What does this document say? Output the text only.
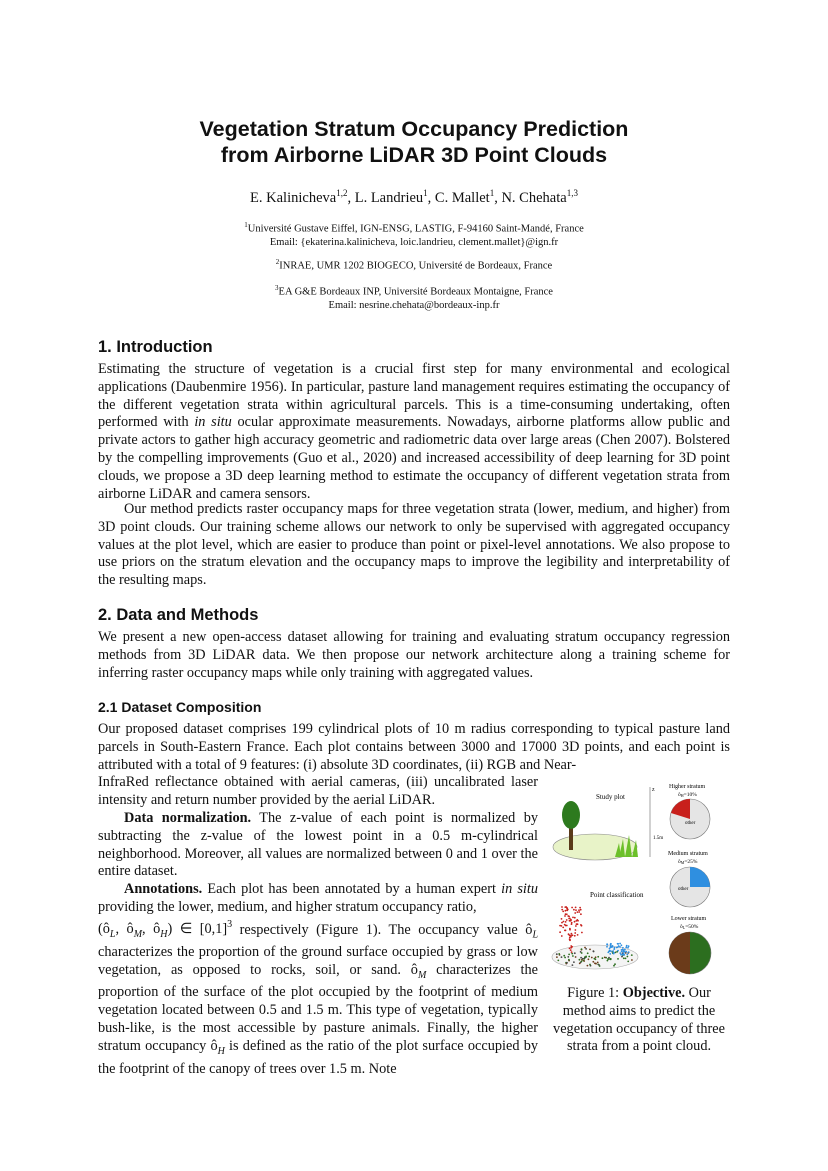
Vegetation Stratum Occupancy Prediction
from Airborne LiDAR 3D Point Clouds
E. Kalinicheva$^{1,2}$, L. Landrieu$^1$, C. Mallet$^1$, N. Chehata$^{1,3}$
$^1$Université Gustave Eiffel, IGN-ENSG, LASTIG, F-94160 Saint-Mandé, France
Email: {ekaterina.kalinicheva, loic.landrieu, clement.mallet}@ign.fr
$^2$INRAE, UMR 1202 BIOGECO, Université de Bordeaux, France
$^3$EA G&E Bordeaux INP, Université Bordeaux Montaigne, France
Email: nesrine.chehata@bordeaux-inp.fr
1. Introduction

Estimating the structure of vegetation is a crucial first step for many environmental and ecological applications (Daubenmire 1956). In particular, pasture land management requires estimating the occupancy of the different vegetation strata within agricultural parcels. This is a time-consuming undertaking, often performed with in situ ocular approximate measurements. Nowadays, airborne platforms allow public and private actors to gather high accuracy geometric and radiometric data over large areas (Chen 2007). Bolstered by the compelling improvements (Guo et al., 2020) and increased accessibility of deep learning for 3D point clouds, we propose a 3D deep learning method to estimate the occupancy of different vegetation strata from airborne LiDAR and camera sensors.

Our method predicts raster occupancy maps for three vegetation strata (lower, medium, and higher) from 3D point clouds. Our training scheme allows our network to only be supervised with aggregated occupancy values at the plot level, which are easier to produce than point or pixel-level annotations. We also propose to use priors on the stratum elevation and the occupancy maps to improve the legibility and interpretability of the resulting maps.

2. Data and Methods

We present a new open-access dataset allowing for training and evaluating stratum occupancy regression methods from 3D LiDAR data. We then propose our network architecture along a training scheme for inferring raster occupancy maps while only training with aggregated values.

2.1 Dataset Composition

Our proposed dataset comprises 199 cylindrical plots of 10 m radius corresponding to typical pasture land parcels in South-Eastern France. Each plot contains between 3000 and 17000 3D points, and each point is attributed with a total of 9 features: (i) absolute 3D coordinates, (ii) RGB and Near-

InfraRed reflectance obtained with aerial cameras, (iii) uncalibrated laser intensity and return number provided by the aerial LiDAR.

Data normalization. The z-value of each point is normalized by subtracting the z-value of the lowest point in a 0.5 m-cylindrical neighborhood. Moreover, all values are normalized between 0 and 1 over the entire dataset.

Annotations. Each plot has been annotated by a human expert in situ providing the lower, medium, and higher stratum occupancy ratio,
($ô_L$, $ô_M$, $ô_H$) ∈ $[0,1]^3$ respectively (Figure 1). The occupancy value $ô_L$ characterizes the proportion of the ground surface occupied by grass or low vegetation, as opposed to rocks, soil, or sand. $ô_M$ characterizes the proportion of the surface of the plot occupied by the footprint of medium vegetation located between 0.5 and 1.5 m. This type of vegetation, typically bush-like, is the most accessible by pasture animals. Finally, the higher stratum occupancy $ô_H$ is defined as the ratio of the plot surface occupied by the footprint of the canopy of trees over 1.5 m. Note

Study plot
z
1.5m
Point classification
Higher stratum
ôH=10%
other
Medium stratum
ôM=25%
other
Lower stratum
ôL=50%
Figure 1: Objective. Our method aims to predict the vegetation occupancy of three strata from a point cloud.
